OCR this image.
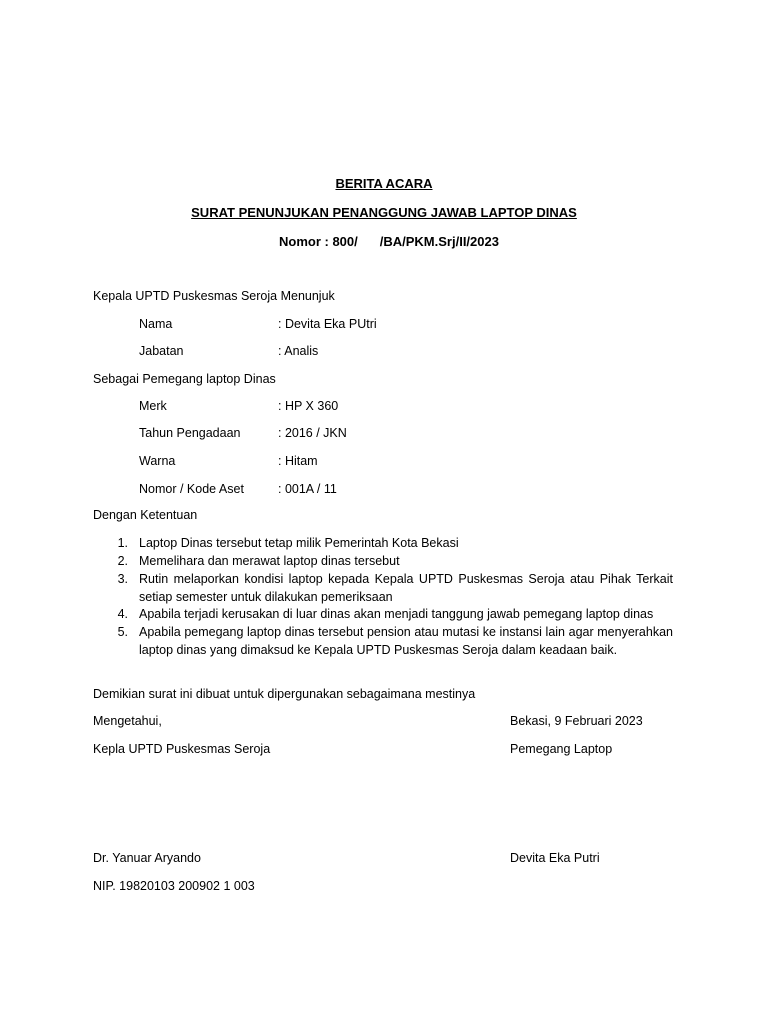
BERITA ACARA
SURAT PENUNJUKAN PENANGGUNG JAWAB LAPTOP DINAS
Nomor : 800/ /BA/PKM.Srj/II/2023
Kepala UPTD Puskesmas Seroja Menunjuk
Nama	: Devita Eka PUtri
Jabatan	: Analis
Sebagai Pemegang laptop Dinas
Merk	: HP X 360
Tahun Pengadaan	: 2016 / JKN
Warna	: Hitam
Nomor / Kode Aset	: 001A / 11
Dengan Ketentuan
1. Laptop Dinas tersebut tetap milik Pemerintah Kota Bekasi
2. Memelihara dan merawat laptop dinas tersebut
3. Rutin melaporkan kondisi laptop kepada Kepala UPTD Puskesmas Seroja atau Pihak Terkait setiap semester untuk dilakukan pemeriksaan
4. Apabila terjadi kerusakan di luar dinas akan menjadi tanggung jawab pemegang laptop dinas
5. Apabila pemegang laptop dinas tersebut pension atau mutasi ke instansi lain agar menyerahkan laptop dinas yang dimaksud ke Kepala UPTD Puskesmas Seroja dalam keadaan baik.
Demikian surat ini dibuat untuk dipergunakan sebagaimana mestinya
Mengetahui,	Bekasi, 9 Februari 2023
Kepla UPTD Puskesmas Seroja	Pemegang Laptop
Dr. Yanuar Aryando	Devita Eka Putri
NIP. 19820103 200902 1 003
